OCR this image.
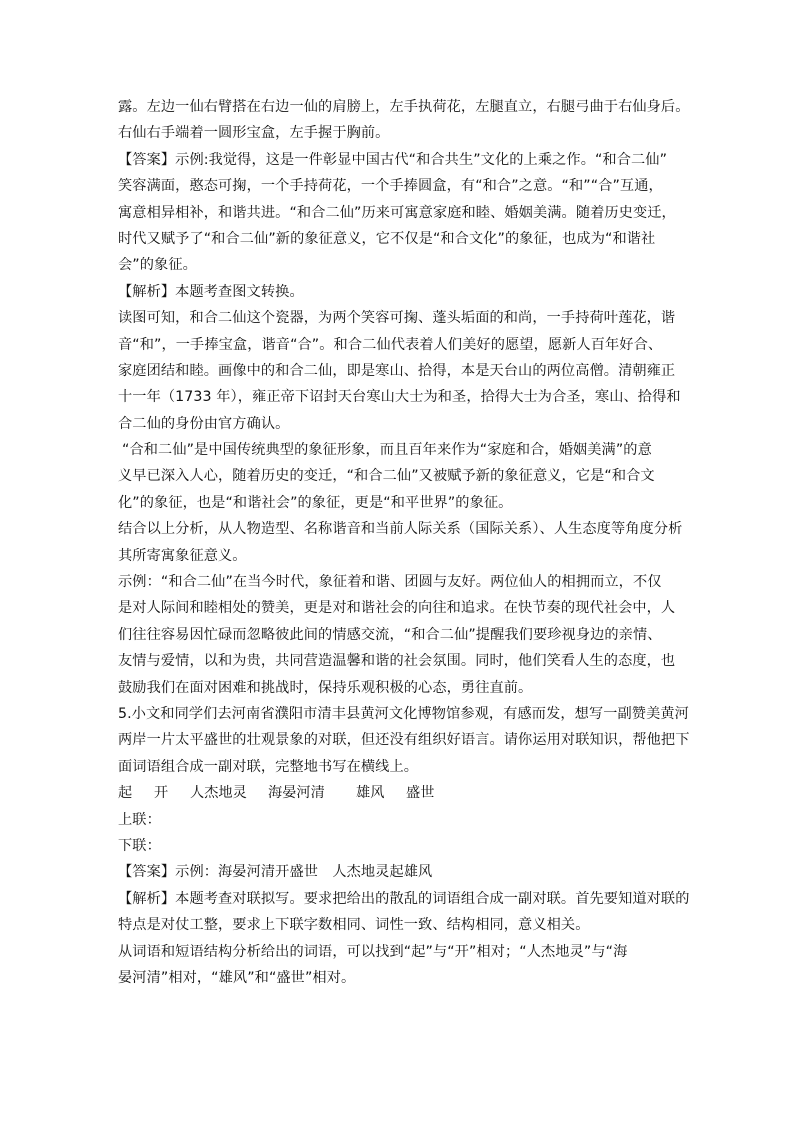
露。左边一仙右臂搭在右边一仙的肩膀上，左手执荷花，左腿直立，右腿弓曲于右仙身后。
右仙右手端着一圆形宝盒，左手握于胸前。
【答案】示例:我觉得，这是一件彰显中国古代“和合共生”文化的上乘之作。“和合二仙”
笑容满面，憨态可掬，一个手持荷花，一个手捧圆盒，有“和合”之意。“和”“合”互通，
寓意相异相补，和谐共进。“和合二仙”历来可寓意家庭和睦、婚姻美满。随着历史变迁，
时代又赋予了“和合二仙”新的象征意义，它不仅是“和合文化”的象征，也成为“和谐社
会”的象征。
【解析】本题考查图文转换。
读图可知，和合二仙这个瓷器，为两个笑容可掬、蓬头垢面的和尚，一手持荷叶莲花，谐
音“和”，一手捧宝盒，谐音“合”。和合二仙代表着人们美好的愿望，愿新人百年好合、
家庭团结和睦。画像中的和合二仙，即是寒山、拾得，本是天台山的两位高僧。清朝雍正
十一年（1733 年），雍正帝下诏封天台寒山大士为和圣，拾得大士为合圣，寒山、拾得和
合二仙的身份由官方确认。
“合和二仙”是中国传统典型的象征形象，而且百年来作为“家庭和合，婚姻美满”的意
义早已深入人心，随着历史的变迁，“和合二仙”又被赋予新的象征意义，它是“和合文
化”的象征，也是“和谐社会”的象征，更是“和平世界”的象征。
结合以上分析，从人物造型、名称谐音和当前人际关系（国际关系）、人生态度等角度分析
其所寄寓象征意义。
示例：“和合二仙”在当今时代，象征着和谐、团圆与友好。两位仙人的相拥而立，不仅
是对人际间和睦相处的赞美，更是对和谐社会的向往和追求。在快节奏的现代社会中，人
们往往容易因忙碌而忽略彼此间的情感交流，“和合二仙”提醒我们要珍视身边的亲情、
友情与爱情，以和为贵，共同营造温馨和谐的社会氛围。同时，他们笑看人生的态度，也
鼓励我们在面对困难和挑战时，保持乐观积极的心态，勇往直前。
5.小文和同学们去河南省濮阳市清丰县黄河文化博物馆参观，有感而发，想写一副赞美黄河
两岸一片太平盛世的壮观景象的对联，但还没有组织好语言。请你运用对联知识，帮他把下
面词语组合成一副对联，完整地书写在横线上。
起	开	人杰地灵	海晏河清	雄风	盛世
上联：
下联：
【答案】示例：海晏河清开盛世　人杰地灵起雄风
【解析】本题考查对联拟写。要求把给出的散乱的词语组合成一副对联。首先要知道对联的
特点是对仗工整，要求上下联字数相同、词性一致、结构相同，意义相关。
从词语和短语结构分析给出的词语，可以找到“起”与“开”相对；“人杰地灵”与“海
晏河清”相对，“雄风”和“盛世”相对。
